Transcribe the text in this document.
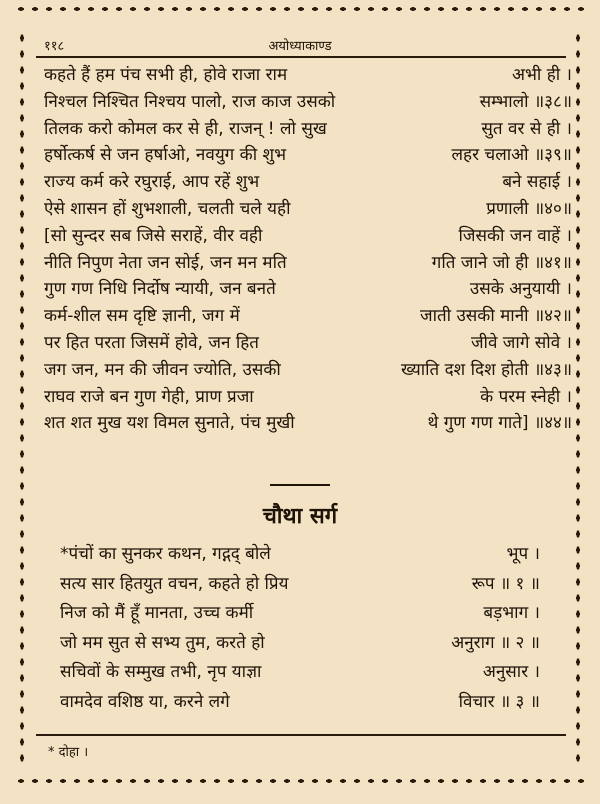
११८	अयोध्याकाण्ड
कहते हैं हम पंच सभी ही, होवे राजा राम	अभी ही ।
निश्चल निश्चित निश्चय पालो, राज काज उसको	सम्भालो ॥३८॥
तिलक करो कोमल कर से ही, राजन् ! लो सुख	सुत वर से ही ।
हर्षोत्कर्ष से जन हर्षाओ, नवयुग की शुभ	लहर चलाओ ॥३९॥
राज्य कर्म करे रघुराई, आप रहें शुभ	बने सहाई ।
ऐसे शासन हों शुभशाली, चलती चले यही	प्रणाली ॥४०॥
[सो सुन्दर सब जिसे सराहें, वीर वही	जिसकी जन वाहें ।
नीति निपुण नेता जन सोई, जन मन मति	गति जाने जो ही ॥४१॥
गुण गण निधि निर्दोष न्यायी, जन बनते	उसके अनुयायी ।
कर्म-शील सम दृष्टि ज्ञानी, जग में	जाती उसकी मानी ॥४२॥
पर हित परता जिसमें होवे, जन हित	जीवे जागे सोवे ।
जग जन, मन की जीवन ज्योति, उसकी	ख्याति दश दिश होती ॥४३॥
राघव राजे बन गुण गेही, प्राण प्रजा	के परम स्नेही ।
शत शत मुख यश विमल सुनाते, पंच मुखी	थे गुण गण गाते] ॥४४॥
चौथा सर्ग
*पंचों का सुनकर कथन, गद्गद् बोले	भूप ।
सत्य सार हितयुत वचन, कहते हो प्रिय	रूप ॥ १ ॥
निज को मैं हूँ मानता, उच्च कर्मी	बड़भाग ।
जो मम सुत से सभ्य तुम, करते हो	अनुराग ॥ २ ॥
सचिवों के सम्मुख तभी, नृप याज्ञा	अनुसार ।
वामदेव वशिष्ठ या, करने लगे	विचार ॥ ३ ॥
* दोहा ।
